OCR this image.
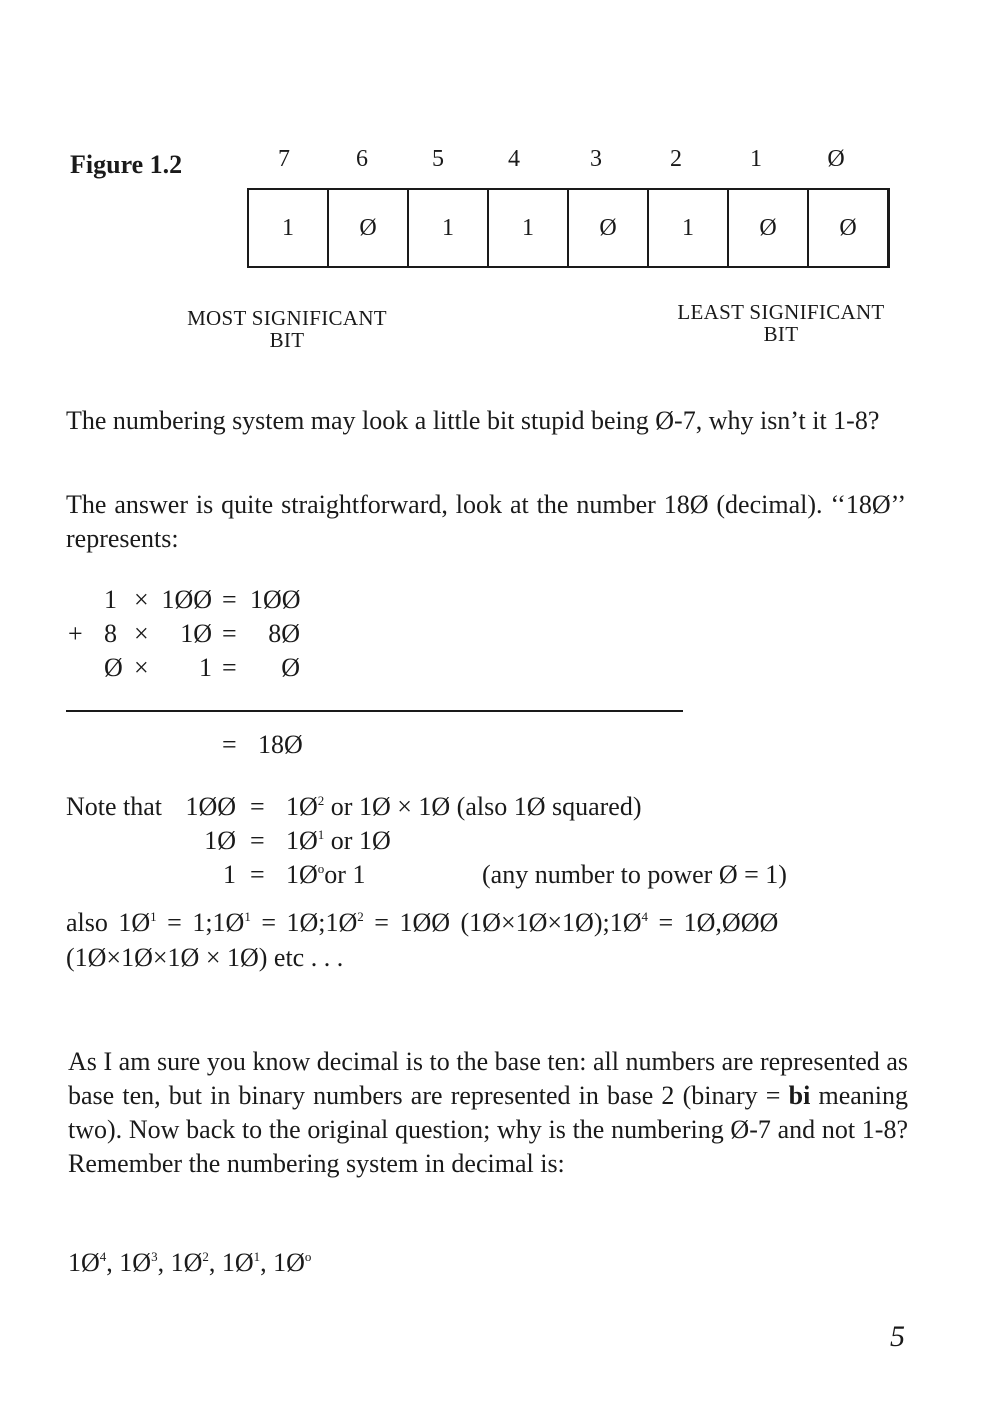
Figure 1.2	7	6	5	4	3	2	1	Ø
1	Ø	1	1	Ø	1	Ø	Ø
MOST SIGNIFICANT
BIT
LEAST SIGNIFICANT
BIT

The numbering system may look a little bit stupid being Ø-7, why isn’t it 1-8?

The answer is quite straightforward, look at the number 18Ø (decimal). ‘‘18Ø’’ represents:

1 × 1ØØ = 1ØØ
+ 8 ×	1Ø =	8Ø
Ø ×	1 =	Ø
= 18Ø
Note that 1ØØ = $1Ø^2$ or 1Ø × 1Ø (also 1Ø squared)
1Ø = $1Ø^1$ or 1Ø
$1 = 1Ø^oor$ 1	(any number to power Ø = 1)
also $1Ø^1$ = $1;1Ø^1$ = $1Ø;1Ø^2$ = 1ØØ $(1Ø\times 1Ø\times 1Ø);1Ø^4$ = 1Ø,ØØØ
(1Ø×1Ø×1Ø × 1Ø) etc . . .

As I am sure you know decimal is to the base ten: all numbers are represented as base ten, but in binary numbers are represented in base 2 (binary = bi meaning two). Now back to the original question; why is the numbering Ø-7 and not 1-8? Remember the numbering system in decimal is:

$1Ø^4$, $1Ø^3$, $1Ø^2$, $1Ø^1$, $1Ø^o$
5
